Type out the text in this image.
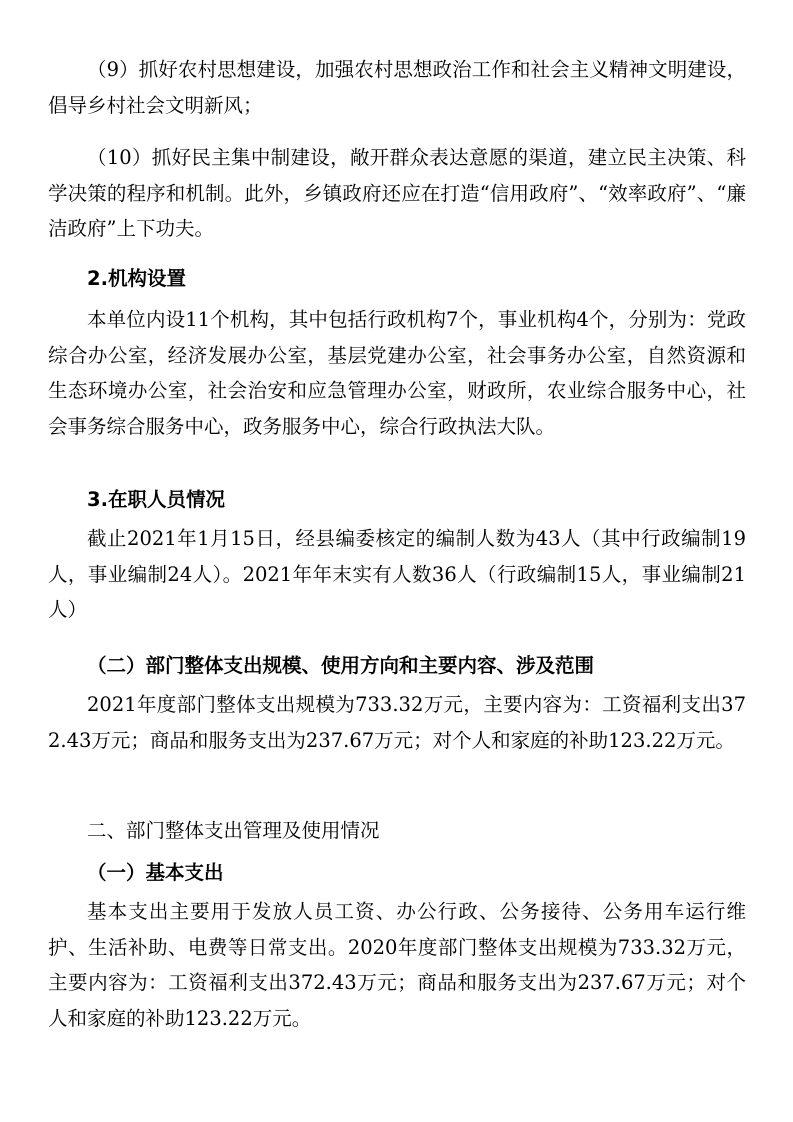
（9）抓好农村思想建设，加强农村思想政治工作和社会主义精神文明建设，倡导乡村社会文明新风；

（10）抓好民主集中制建设，敞开群众表达意愿的渠道，建立民主决策、科学决策的程序和机制。此外，乡镇政府还应在打造“信用政府”、“效率政府”、“廉洁政府”上下功夫。

2.机构设置

本单位内设11个机构，其中包括行政机构7个，事业机构4个，分别为：党政综合办公室，经济发展办公室，基层党建办公室，社会事务办公室，自然资源和生态环境办公室，社会治安和应急管理办公室，财政所，农业综合服务中心，社会事务综合服务中心，政务服务中心，综合行政执法大队。

3.在职人员情况

截止2021年1月15日，经县编委核定的编制人数为43人（其中行政编制19人，事业编制24人）。2021年年末实有人数36人（行政编制15人，事业编制21人）

（二）部门整体支出规模、使用方向和主要内容、涉及范围

2021年度部门整体支出规模为733.32万元，主要内容为：工资福利支出372.43万元；商品和服务支出为237.67万元；对个人和家庭的补助123.22万元。

二、部门整体支出管理及使用情况

（一）基本支出

基本支出主要用于发放人员工资、办公行政、公务接待、公务用车运行维护、生活补助、电费等日常支出。2020年度部门整体支出规模为733.32万元，主要内容为：工资福利支出372.43万元；商品和服务支出为237.67万元；对个人和家庭的补助123.22万元。
